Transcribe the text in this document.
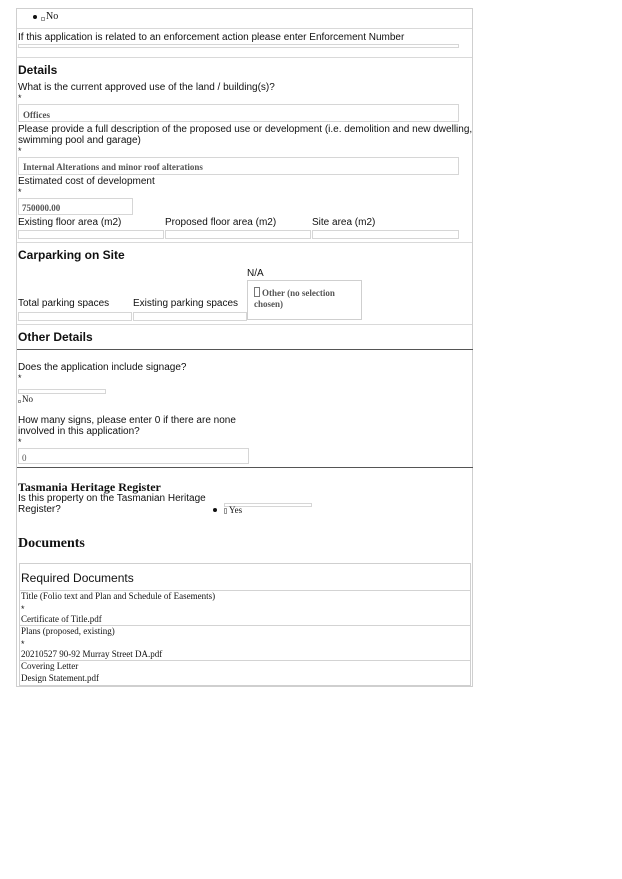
No
If this application is related to an enforcement action please enter Enforcement Number
Details
What is the current approved use of the land / building(s)?
*
Offices
Please provide a full description of the proposed use or development (i.e. demolition and new dwelling,
swimming pool and garage)
*
Internal Alterations and minor roof alterations
Estimated cost of development
*
750000.00
Existing floor area (m2)	Proposed floor area (m2)	Site area (m2)
Carparking on Site
N/A
Other (no selection
chosen)
Total parking spaces Existing parking spaces
Other Details
Does the application include signage?
*
No
How many signs, please enter 0 if there are none
involved in this application?
*
0
Tasmania Heritage Register
Is this property on the Tasmanian Heritage
Register?	Yes
Documents
Required Documents
Title (Folio text and Plan and Schedule of Easements)
*
Certificate of Title.pdf
Plans (proposed, existing)
*
20210527 90-92 Murray Street DA.pdf
Covering Letter
Design Statement.pdf
